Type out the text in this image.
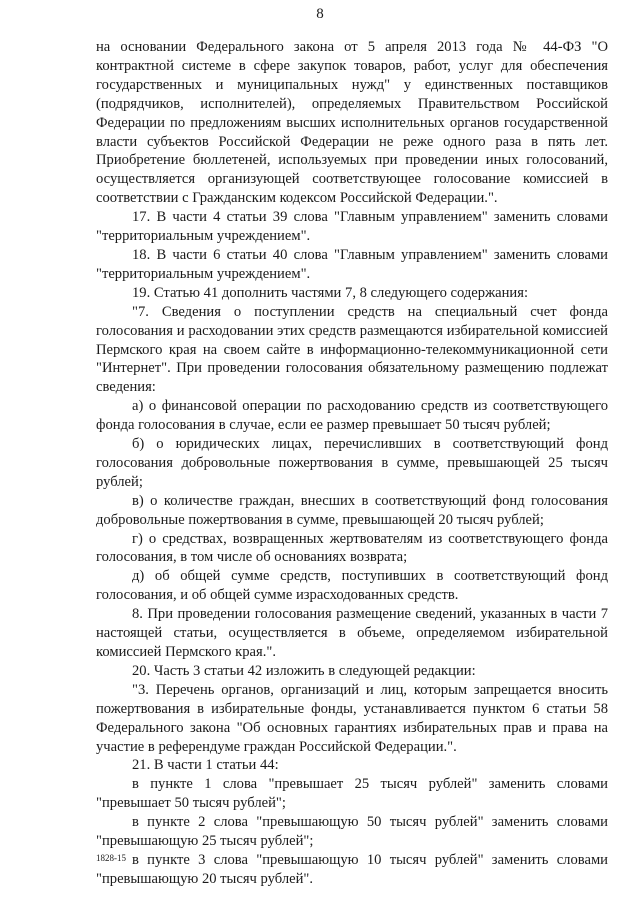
8

на основании Федерального закона от 5 апреля 2013 года № 44-ФЗ "О контрактной системе в сфере закупок товаров, работ, услуг для обеспечения государственных и муниципальных нужд" у единственных поставщиков (подрядчиков, исполнителей), определяемых Правительством Российской Федерации по предложениям высших исполнительных органов государственной власти субъектов Российской Федерации не реже одного раза в пять лет. Приобретение бюллетеней, используемых при проведении иных голосований, осуществляется организующей соответствующее голосование комиссией в соответствии с Гражданским кодексом Российской Федерации.".

17. В части 4 статьи 39 слова "Главным управлением" заменить словами "территориальным учреждением".

18. В части 6 статьи 40 слова "Главным управлением" заменить словами "территориальным учреждением".

19. Статью 41 дополнить частями 7, 8 следующего содержания:

"7. Сведения о поступлении средств на специальный счет фонда голосования и расходовании этих средств размещаются избирательной комиссией Пермского края на своем сайте в информационно-телекоммуникационной сети "Интернет". При проведении голосования обязательному размещению подлежат сведения:

а) о финансовой операции по расходованию средств из соответствующего фонда голосования в случае, если ее размер превышает 50 тысяч рублей;

б) о юридических лицах, перечисливших в соответствующий фонд голосования добровольные пожертвования в сумме, превышающей 25 тысяч рублей;

в) о количестве граждан, внесших в соответствующий фонд голосования добровольные пожертвования в сумме, превышающей 20 тысяч рублей;

г) о средствах, возвращенных жертвователям из соответствующего фонда голосования, в том числе об основаниях возврата;

д) об общей сумме средств, поступивших в соответствующий фонд голосования, и об общей сумме израсходованных средств.

8. При проведении голосования размещение сведений, указанных в части 7 настоящей статьи, осуществляется в объеме, определяемом избирательной комиссией Пермского края.".

20. Часть 3 статьи 42 изложить в следующей редакции:

"3. Перечень органов, организаций и лиц, которым запрещается вносить пожертвования в избирательные фонды, устанавливается пунктом 6 статьи 58 Федерального закона "Об основных гарантиях избирательных прав и права на участие в референдуме граждан Российской Федерации.".

21. В части 1 статьи 44:

в пункте 1 слова "превышает 25 тысяч рублей" заменить словами "превышает 50 тысяч рублей";

в пункте 2 слова "превышающую 50 тысяч рублей" заменить словами "превышающую 25 тысяч рублей";

в пункте 3 слова "превышающую 10 тысяч рублей" заменить словами "превышающую 20 тысяч рублей".

1828-15
